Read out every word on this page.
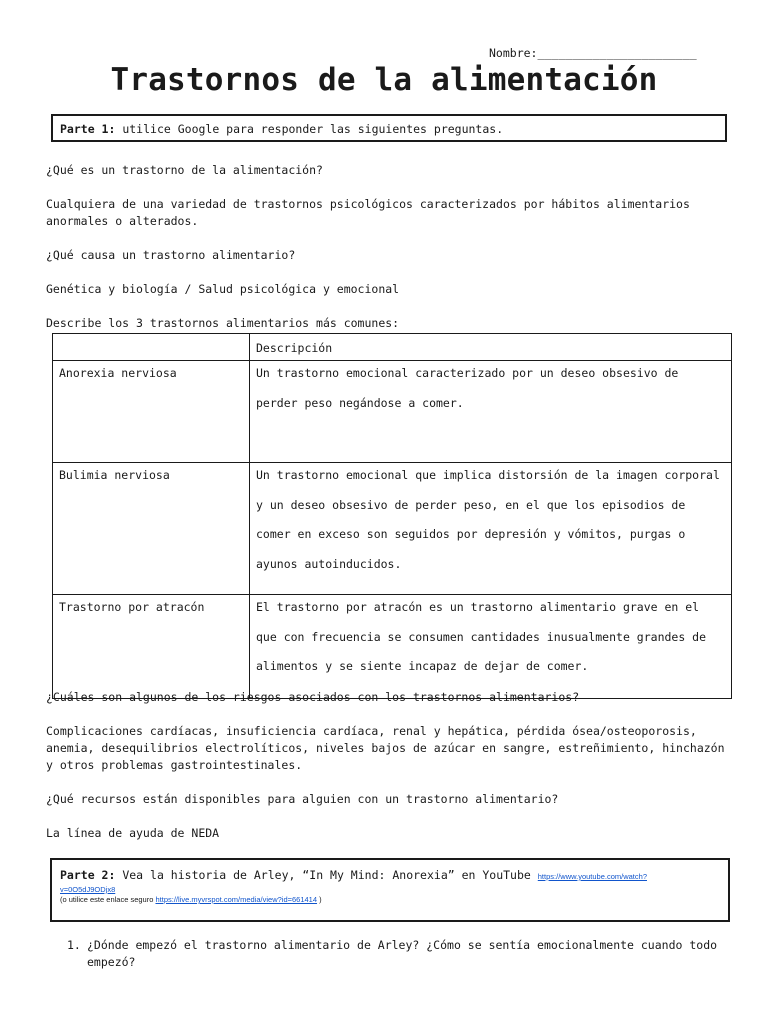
Nombre:_______________________
Trastornos de la alimentación
Parte 1: utilice Google para responder las siguientes preguntas.
¿Qué es un trastorno de la alimentación?
Cualquiera de una variedad de trastornos psicológicos caracterizados por hábitos alimentarios anormales o alterados.
¿Qué causa un trastorno alimentario?
Genética y biología / Salud psicológica y emocional
Describe los 3 trastornos alimentarios más comunes:
	Descripción

Anorexia nerviosa	Un trastorno emocional caracterizado por un deseo obsesivo de perder peso negándose a comer.

Bulimia nerviosa	Un trastorno emocional que implica distorsión de la imagen corporal y un deseo obsesivo de perder peso, en el que los episodios de comer en exceso son seguidos por depresión y vómitos, purgas o ayunos autoinducidos.

Trastorno por atracón	El trastorno por atracón es un trastorno alimentario grave en el que con frecuencia se consumen cantidades inusualmente grandes de alimentos y se siente incapaz de dejar de comer.
¿Cuáles son algunos de los riesgos asociados con los trastornos alimentarios?
Complicaciones cardíacas, insuficiencia cardíaca, renal y hepática, pérdida ósea/osteoporosis, anemia, desequilibrios electrolíticos, niveles bajos de azúcar en sangre, estreñimiento, hinchazón y otros problemas gastrointestinales.
¿Qué recursos están disponibles para alguien con un trastorno alimentario?
La línea de ayuda de NEDA
Parte 2: Vea la historia de Arley, “In My Mind: Anorexia” en YouTube https://www.youtube.com/watch?
v=0O5dJ9ODjx8
(o utilice este enlace seguro https://live.myvrspot.com/media/view?id=661414 )
1. ¿Dónde empezó el trastorno alimentario de Arley? ¿Cómo se sentía emocionalmente cuando todo empezó?
